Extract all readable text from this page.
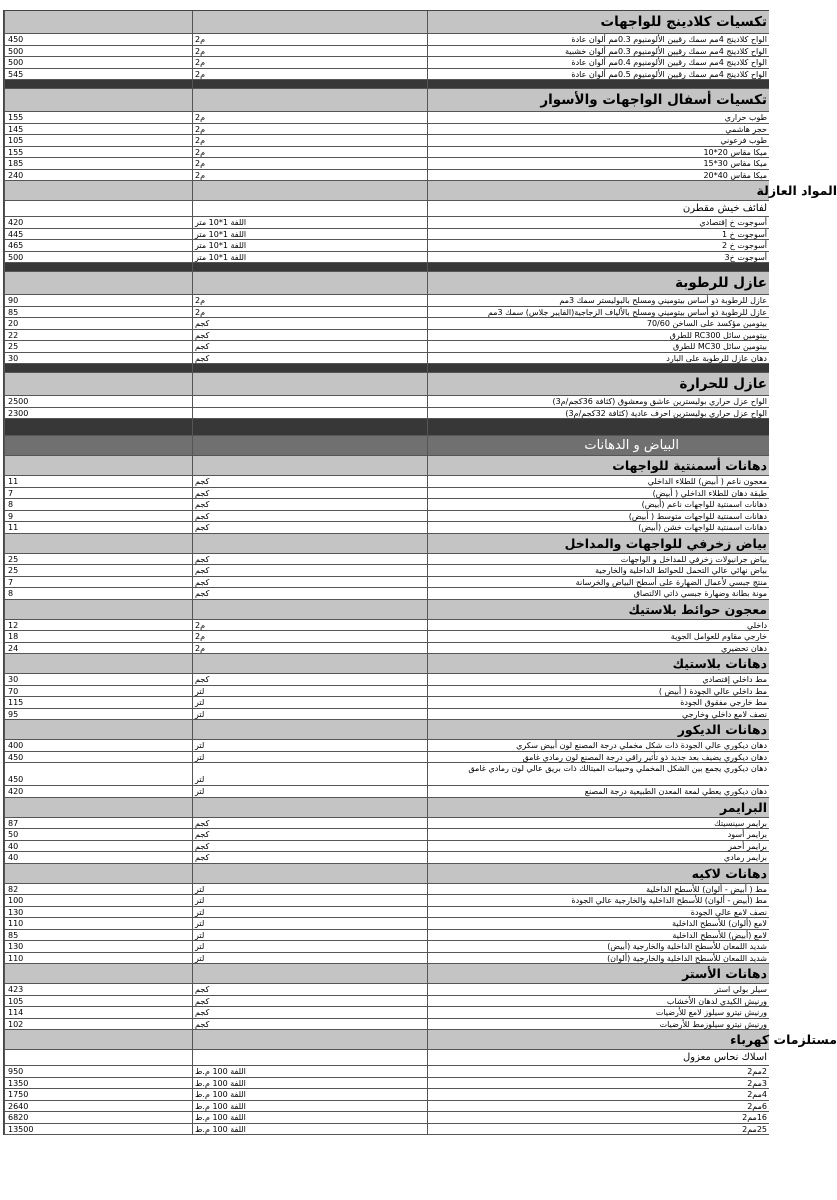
تكسيات كلادينج للواجهات
الواح كلادينج 4مم سمك رقيين الألومنيوم 0.3مم ألوان عادة
م2
450
الواح كلادينج 4مم سمك رقيين الألومنيوم 0.3مم ألوان خشبية
م2
500
الواح كلادينج 4مم سمك رقيين الألومنيوم 0.4مم ألوان عادة
م2
500
الواح كلادينج 4مم سمك رقيين الألومنيوم 0.5مم ألوان عادة
م2
545
تكسيات أسفال الواجهات والأسوار
طوب حراري
م2
155
حجر هاشمي
م2
145
طوب فرعوني
م2
105
ميكا مقاس 20*10
م2
155
ميكا مقاس 30*15
م2
185
ميكا مقاس 40*20
م2
240
المواد العازلة
لفائف خيش مقطرن
أسوجوت خ إقتصادي
اللفة 1*10 متر
420
أسوجوت خ 1
اللفة 1*10 متر
445
أسوجوت خ 2
اللفة 1*10 متر
465
أسوجوت خ3
اللفة 1*10 متر
500
عازل للرطوبة
عازل للرطوبة ذو أساس بيتوميني ومسلح بالبوليستر سمك 3مم
م2
90
عازل للرطوبة ذو أساس بيتوميني ومسلح بالألياف الزجاجية(الفايبر جلاس) سمك 3مم
م2
85
بيتومين مؤكسد على الساخن 70/60
كجم
20
بيتومين سائل RC300 للطرق
كجم
22
بيتومين سائل MC30 للطرق
كجم
25
دهان عازل للرطوبة على البارد
كجم
30
عازل للحرارة
الواح عزل حراري بوليسترين عاشق ومعشوق (كثافة 36كجم/م3)
2500
الواح عزل حراري بوليسترين احرف عادية (كثافة 32كجم/م3)
2300
البياض و الدهانات
دهانات أسمنتية للواجهات
معجون ناعم ( أبيض) للطلاء الداخلي
كجم
11
طبقة دهان للطلاء الداخلي ( أبيض)
كجم
7
دهانات اسمنتية للواجهات ناعم (أبيض)
كجم
8
دهانات اسمنتية للواجهات متوسط ( أبيض)
كجم
9
دهانات اسمنتية للواجهات خشن (أبيض)
كجم
11
بياض زخرفي للواجهات والمداخل
بياض جرانيولات زخرفي للمداخل و الواجهات
كجم
25
بياض نهائي عالي التحمل للحوائط الداخلية والخارجية
كجم
25
منتج جبسي لأعمال الضهارة على أسطح البياض والخرسانة
كجم
7
مونة بطانة وضهارة جبسي ذاتي الالتصاق
كجم
8
معجون حوائط بلاستيك
داخلي
م2
12
خارجي مقاوم للعوامل الجوية
م2
18
دهان تحضيري
م2
24
دهانات بلاستيك
مط داخلي إقتصادي
كجم
30
مط داخلي عالي الجودة ( أبيض )
لتر
70
مط خارجي مفقوق الجودة
لتر
115
نصف لامع داخلي وخارجي
لتر
95
دهانات الديكور
دهان ديكوري عالي الجودة ذات شكل مخملي درجة المصنع لون أبيض سكري
لتر
400
دهان ديكوري يضيف بعد جديد ذو تأثير راقي درجة المصنع لون رمادي غامق
لتر
450
دهان ديكوري يجمع بين الشكل المخملي وحبيبات الميتالك ذات بريق عالي لون رمادي غامق
لتر
450
دهان ديكوري يعطي لمعة المعدن الطبيعية درجة المصنع
لتر
420
البرايمر
برايمر سينسيتك
كجم
87
برايمر أسود
كجم
50
برايمر أحمر
كجم
40
برايمر رمادي
كجم
40
دهانات لاكيه
مط ( أبيض - ألوان) للأسطح الداخلية
لتر
82
مط (أبيض - ألوان) للأسطح الداخلية والخارجية عالي الجودة
لتر
100
نصف لامع عالي الجودة
لتر
130
لامع (ألوان) للأسطح الداخلية
لتر
110
لامع (أبيض) للأسطح الداخلية
لتر
85
شديد اللمعان للأسطح الداخلية والخارجية (أبيض)
لتر
130
شديد اللمعان للأسطح الداخلية والخارجية (ألوان)
لتر
110
دهانات الأستر
سيلر بولي استر
كجم
423
ورنيش الكيدي لدهان الأخشاب
كجم
105
ورنيش نيترو سيلوز لامع للأرضيات
كجم
114
ورنيش نيترو سيلوزمط للأرضيات
كجم
102
مستلزمات كهرباء
اسلاك نحاس معزول
2مم2
اللفة 100 م.ط
950
3مم2
اللفة 100 م.ط
1350
4مم2
اللفة 100 م.ط
1750
6مم2
اللفة 100 م.ط
2640
16مم2
اللفة 100 م.ط
6820
25مم2
اللفة 100 م.ط
13500
